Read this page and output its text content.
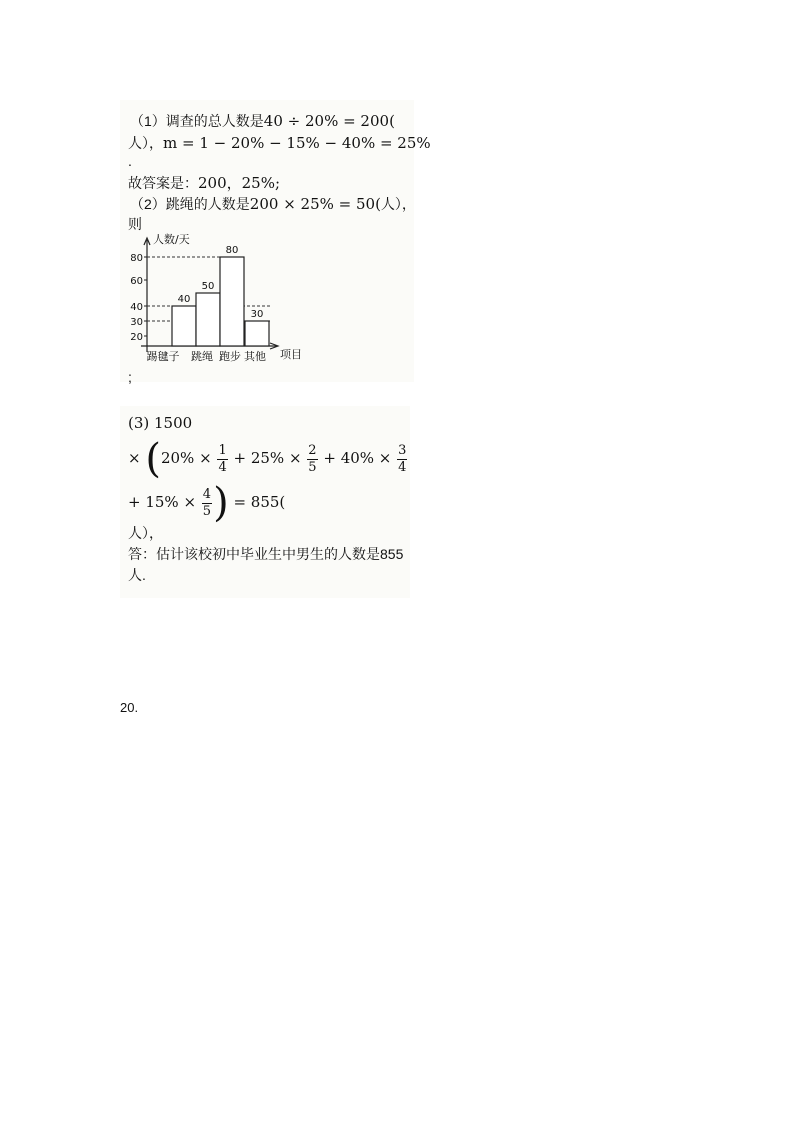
（1）调查的总人数是40 ÷ 20% = 200(
人），m = 1 − 20% − 15% − 40% = 25%
.
故答案是：200，25%;
（2）跳绳的人数是200 × 25% = 50(人），
则
人数/天
项目
20
30
40
60
80
40
50
80
30
踢毽子 跳绳 跑步 其他
;
(3) 1500
× ($20\% \times \frac{1}{4} + 25\% \times \frac{2}{5} + 40\% \times \frac{3}{4}$
+ $15\% \times \frac{4}{5}$ ) = 855(
人），
答：估计该校初中毕业生中男生的人数是855
人.
20.
